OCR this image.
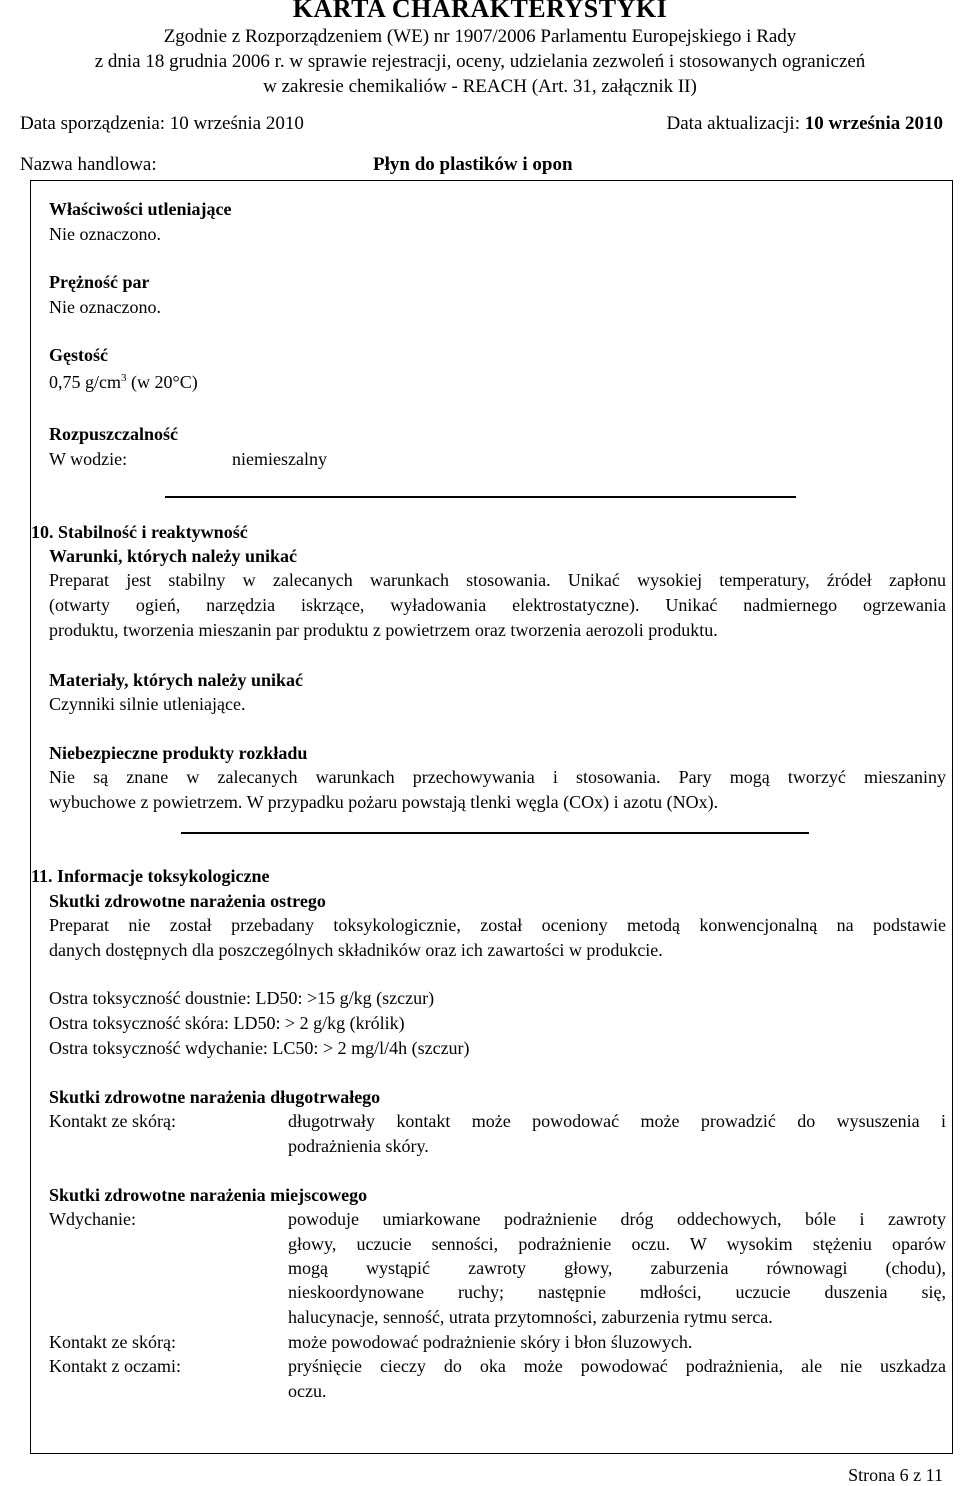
KARTA CHARAKTERYSTYKI
Zgodnie z Rozporządzeniem (WE) nr 1907/2006 Parlamentu Europejskiego i Rady
z dnia 18 grudnia 2006 r. w sprawie rejestracji, oceny, udzielania zezwoleń i stosowanych ograniczeń
w zakresie chemikaliów - REACH (Art. 31, załącznik II)
Data sporządzenia: 10 września 2010	Data aktualizacji: 10 września 2010
Nazwa handlowa:	Płyn do plastików i opon
Właściwości utleniające
Nie oznaczono.
Prężność par
Nie oznaczono.
Gęstość
0,75 $g/cm^3$ (w 20°C)
Rozpuszczalność
W wodzie:	niemieszalny
10. Stabilność i reaktywność
Warunki, których należy unikać
Preparat jest stabilny w zalecanych warunkach stosowania. Unikać wysokiej temperatury, źródeł zapłonu
(otwarty ogień, narzędzia iskrzące, wyładowania elektrostatyczne). Unikać nadmiernego ogrzewania
produktu, tworzenia mieszanin par produktu z powietrzem oraz tworzenia aerozoli produktu.
Materiały, których należy unikać
Czynniki silnie utleniające.
Niebezpieczne produkty rozkładu
Nie są znane w zalecanych warunkach przechowywania i stosowania. Pary mogą tworzyć mieszaniny
wybuchowe z powietrzem. W przypadku pożaru powstają tlenki węgla (COx) i azotu (NOx).
11. Informacje toksykologiczne
Skutki zdrowotne narażenia ostrego
Preparat nie został przebadany toksykologicznie, został oceniony metodą konwencjonalną na podstawie
danych dostępnych dla poszczególnych składników oraz ich zawartości w produkcie.
Ostra toksyczność doustnie: LD50: >15 g/kg (szczur)
Ostra toksyczność skóra: LD50: > 2 g/kg (królik)
Ostra toksyczność wdychanie: LC50: > 2 mg/l/4h (szczur)
Skutki zdrowotne narażenia długotrwałego
Kontakt ze skórą:	długotrwały kontakt może powodować może prowadzić do wysuszenia i
podrażnienia skóry.
Skutki zdrowotne narażenia miejscowego
Wdychanie:	powoduje umiarkowane podrażnienie dróg oddechowych, bóle i zawroty
głowy, uczucie senności, podrażnienie oczu. W wysokim stężeniu oparów
mogą wystąpić zawroty głowy, zaburzenia równowagi (chodu),
nieskoordynowane ruchy; następnie mdłości, uczucie duszenia się,
halucynacje, senność, utrata przytomności, zaburzenia rytmu serca.
Kontakt ze skórą:	może powodować podrażnienie skóry i błon śluzowych.
Kontakt z oczami:	pryśnięcie cieczy do oka może powodować podrażnienia, ale nie uszkadza
oczu.
Strona 6 z 11
